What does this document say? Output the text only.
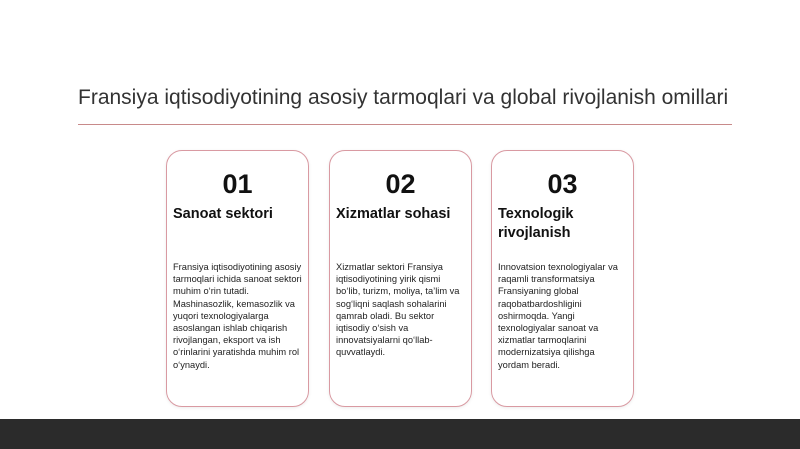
Fransiya iqtisodiyotining asosiy tarmoqlari va global rivojlanish omillari
01
Sanoat sektori
Fransiya iqtisodiyotining asosiy tarmoqlari ichida sanoat sektori muhim o‘rin tutadi. Mashinasozlik, kemasozlik va yuqori texnologiyalarga asoslangan ishlab chiqarish rivojlangan, eksport va ish o‘rinlarini yaratishda muhim rol o‘ynaydi.
02
Xizmatlar sohasi
Xizmatlar sektori Fransiya iqtisodiyotining yirik qismi bo‘lib, turizm, moliya, ta’lim va sog‘liqni saqlash sohalarini qamrab oladi. Bu sektor iqtisodiy o‘sish va innovatsiyalarni qo‘llab-quvvatlaydi.
03
Texnologik rivojlanish
Innovatsion texnologiyalar va raqamli transformatsiya Fransiyaning global raqobatbardoshligini oshirmoqda. Yangi texnologiyalar sanoat va xizmatlar tarmoqlarini modernizatsiya qilishga yordam beradi.
